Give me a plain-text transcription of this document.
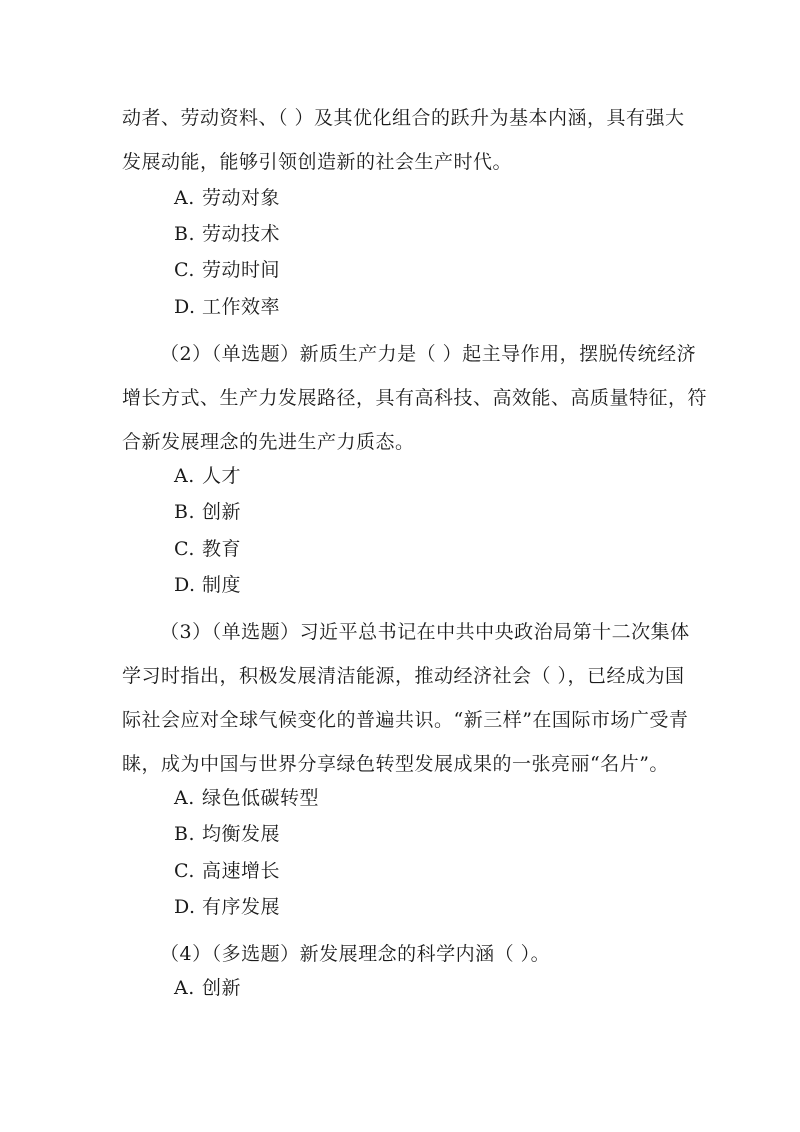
动者、劳动资料、（ ）及其优化组合的跃升为基本内涵，具有强大
发展动能，能够引领创造新的社会生产时代。
A. 劳动对象
B. 劳动技术
C. 劳动时间
D. 工作效率
（2）（单选题）新质生产力是（ ）起主导作用，摆脱传统经济
增长方式、生产力发展路径，具有高科技、高效能、高质量特征，符
合新发展理念的先进生产力质态。
A. 人才
B. 创新
C. 教育
D. 制度
（3）（单选题）习近平总书记在中共中央政治局第十二次集体
学习时指出，积极发展清洁能源，推动经济社会（ ），已经成为国
际社会应对全球气候变化的普遍共识。“新三样”在国际市场广受青
睐，成为中国与世界分享绿色转型发展成果的一张亮丽“名片”。
A. 绿色低碳转型
B. 均衡发展
C. 高速增长
D. 有序发展
（4）（多选题）新发展理念的科学内涵（ ）。
A. 创新
